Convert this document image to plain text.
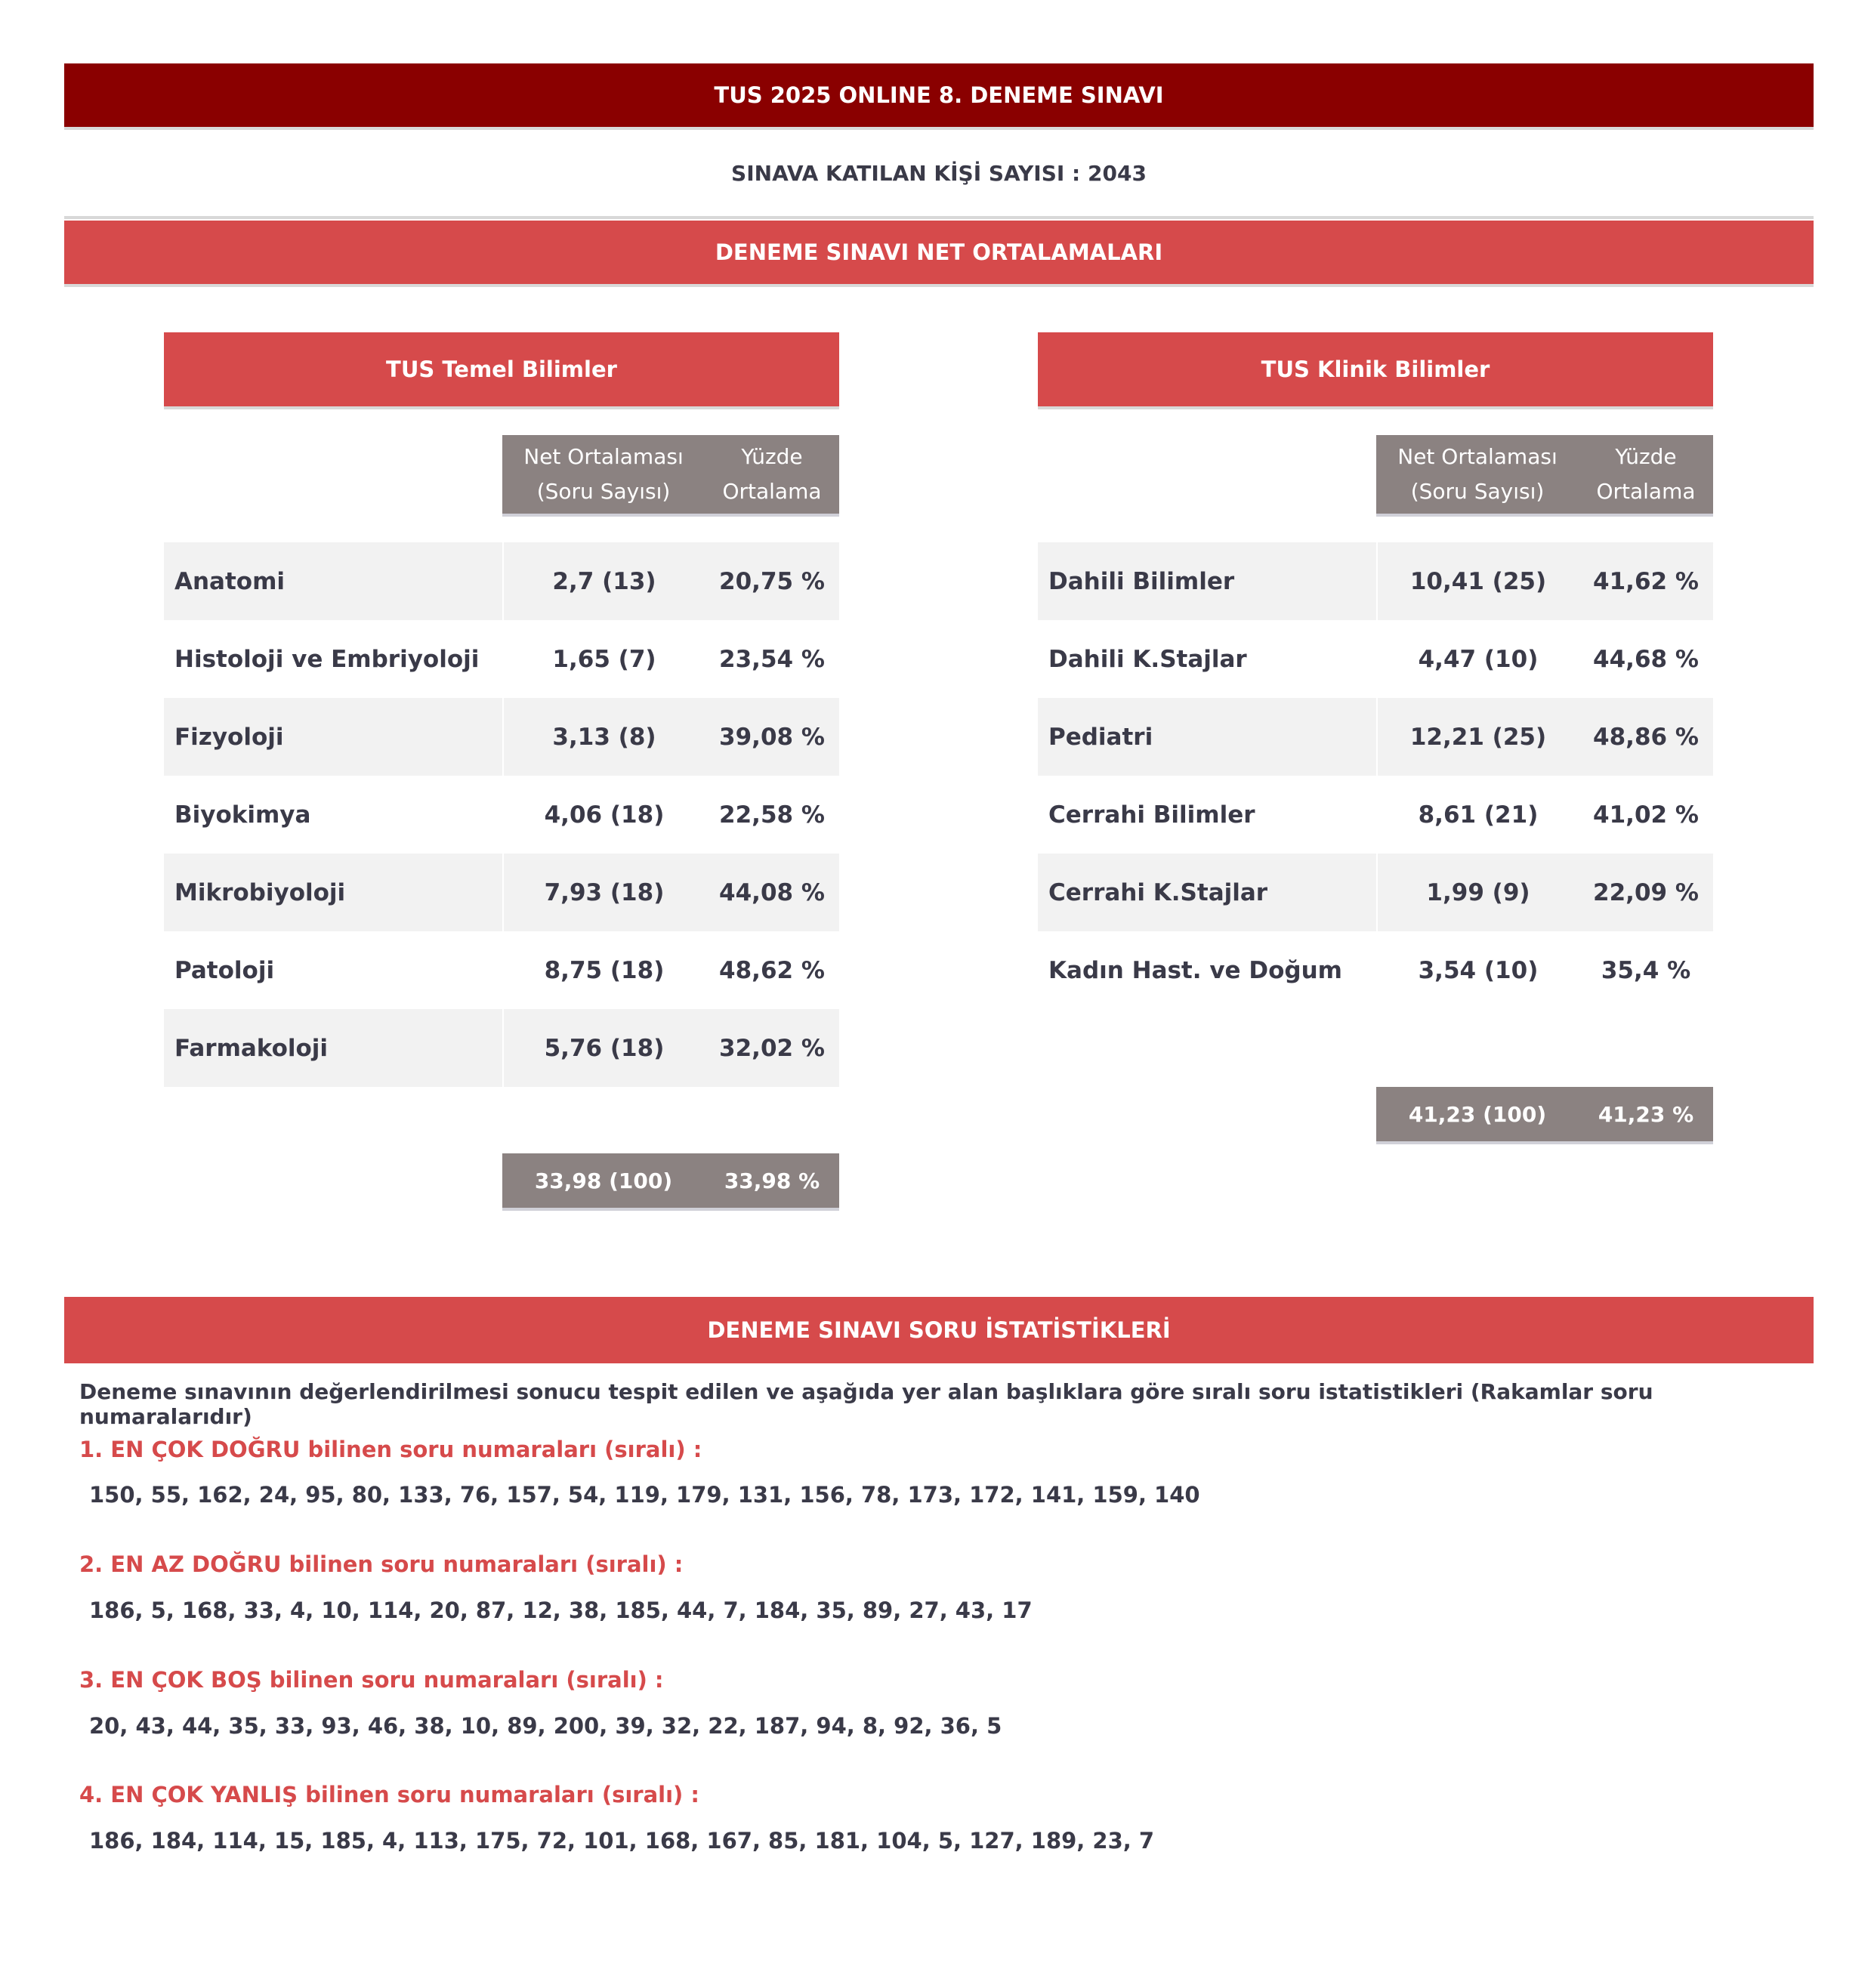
TUS 2025 ONLINE 8. DENEME SINAVI
SINAVA KATILAN KİŞİ SAYISI : 2043
DENEME SINAVI NET ORTALAMALARI
TUS Temel Bilimler
Net Ortalaması (Soru Sayısı)
Yüzde Ortalama
Anatomi	2,7 (13)	20,75 %
Histoloji ve Embriyoloji	1,65 (7)	23,54 %
Fizyoloji	3,13 (8)	39,08 %
Biyokimya	4,06 (18)	22,58 %
Mikrobiyoloji	7,93 (18)	44,08 %
Patoloji	8,75 (18)	48,62 %
Farmakoloji	5,76 (18)	32,02 %
33,98 (100)	33,98 %
TUS Klinik Bilimler
Net Ortalaması (Soru Sayısı)
Yüzde Ortalama
Dahili Bilimler	10,41 (25)	41,62 %
Dahili K.Stajlar	4,47 (10)	44,68 %
Pediatri	12,21 (25)	48,86 %
Cerrahi Bilimler	8,61 (21)	41,02 %
Cerrahi K.Stajlar	1,99 (9)	22,09 %
Kadın Hast. ve Doğum	3,54 (10)	35,4 %
41,23 (100)	41,23 %
DENEME SINAVI SORU İSTATİSTİKLERİ
Deneme sınavının değerlendirilmesi sonucu tespit edilen ve aşağıda yer alan başlıklara göre sıralı soru istatistikleri (Rakamlar soru numaralarıdır)
1. EN ÇOK DOĞRU bilinen soru numaraları (sıralı) :
150, 55, 162, 24, 95, 80, 133, 76, 157, 54, 119, 179, 131, 156, 78, 173, 172, 141, 159, 140
2. EN AZ DOĞRU bilinen soru numaraları (sıralı) :
186, 5, 168, 33, 4, 10, 114, 20, 87, 12, 38, 185, 44, 7, 184, 35, 89, 27, 43, 17
3. EN ÇOK BOŞ bilinen soru numaraları (sıralı) :
20, 43, 44, 35, 33, 93, 46, 38, 10, 89, 200, 39, 32, 22, 187, 94, 8, 92, 36, 5
4. EN ÇOK YANLIŞ bilinen soru numaraları (sıralı) :
186, 184, 114, 15, 185, 4, 113, 175, 72, 101, 168, 167, 85, 181, 104, 5, 127, 189, 23, 7
